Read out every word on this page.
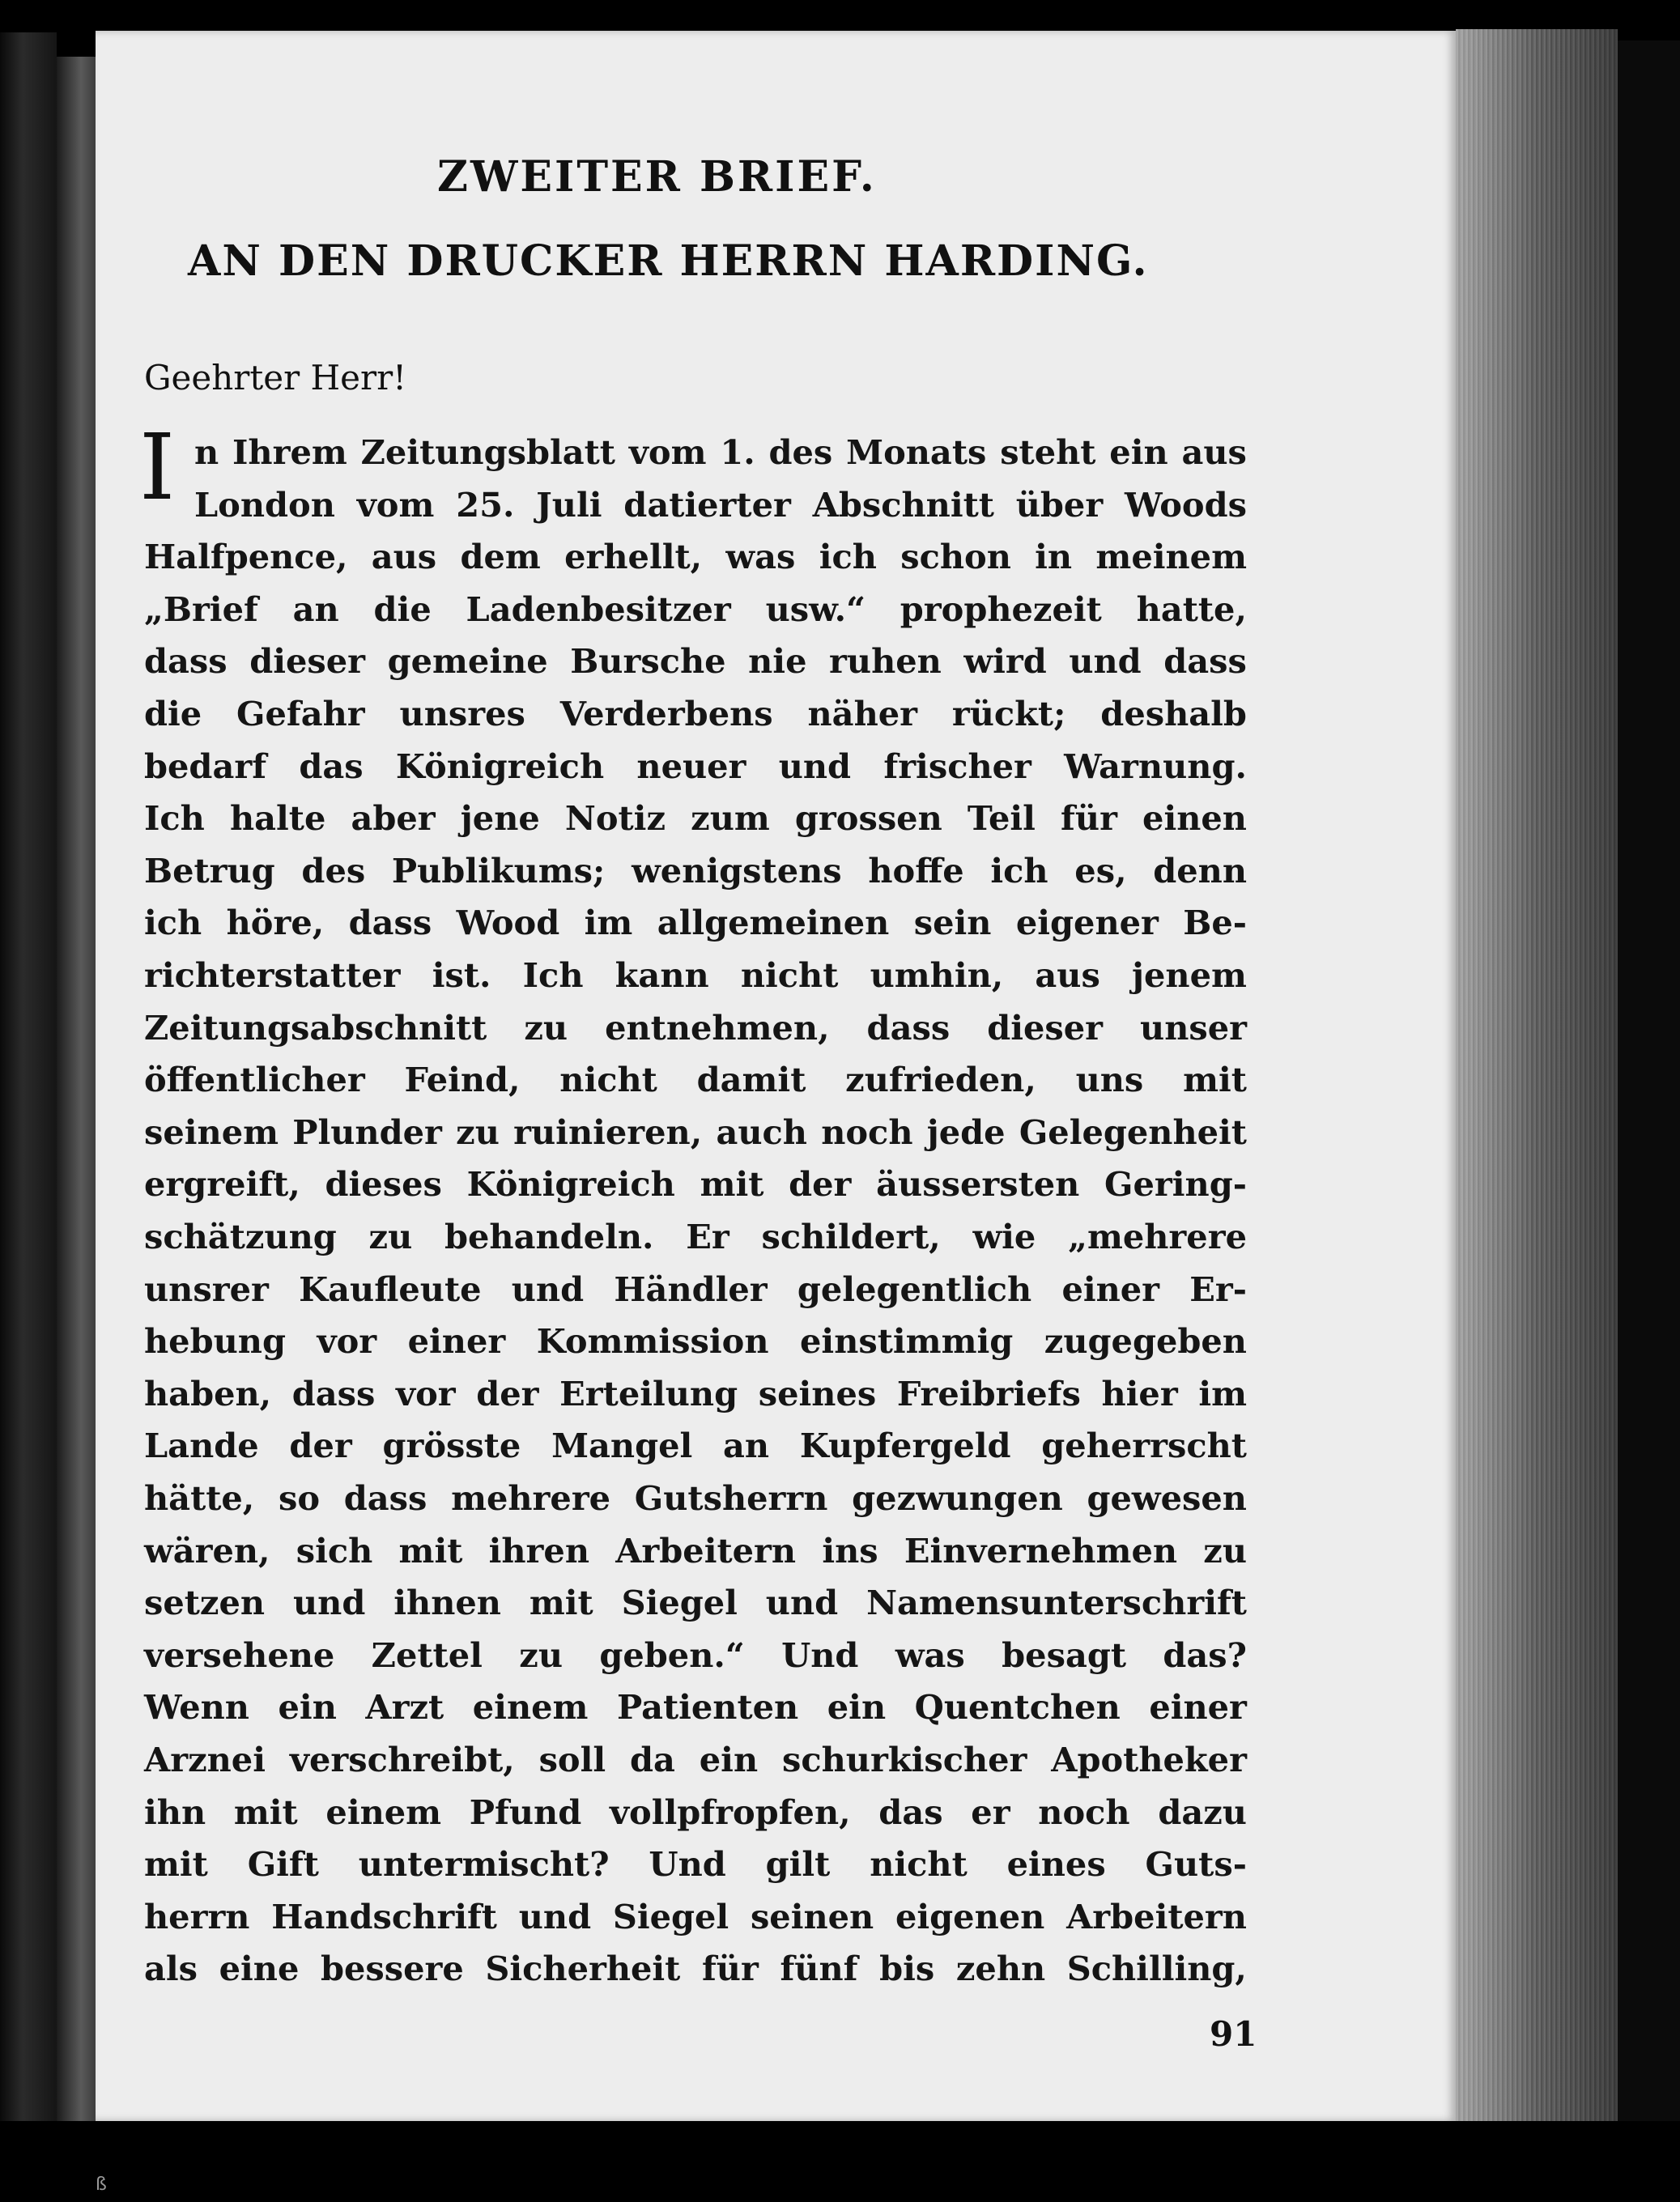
ZWEITER BRIEF.
AN DEN DRUCKER HERRN HARDING.
Geehrter Herr!
I n Ihrem Zeitungsblatt vom 1. des Monats steht ein aus
London vom 25. Juli datierter Abschnitt über Woods
Halfpence, aus dem erhellt, was ich schon in meinem
„Brief an die Ladenbesitzer usw.“ prophezeit hatte,
dass dieser gemeine Bursche nie ruhen wird und dass
die Gefahr unsres Verderbens näher rückt; deshalb
bedarf das Königreich neuer und frischer Warnung.
Ich halte aber jene Notiz zum grossen Teil für einen
Betrug des Publikums; wenigstens hoffe ich es, denn
ich höre, dass Wood im allgemeinen sein eigener Be-
richterstatter ist. Ich kann nicht umhin, aus jenem
Zeitungsabschnitt zu entnehmen, dass dieser unser
öffentlicher Feind, nicht damit zufrieden, uns mit
seinem Plunder zu ruinieren, auch noch jede Gelegenheit
ergreift, dieses Königreich mit der äussersten Gering-
schätzung zu behandeln. Er schildert, wie „mehrere
unsrer Kaufleute und Händler gelegentlich einer Er-
hebung vor einer Kommission einstimmig zugegeben
haben, dass vor der Erteilung seines Freibriefs hier im
Lande der grösste Mangel an Kupfergeld geherrscht
hätte, so dass mehrere Gutsherrn gezwungen gewesen
wären, sich mit ihren Arbeitern ins Einvernehmen zu
setzen und ihnen mit Siegel und Namensunterschrift
versehene Zettel zu geben.“ Und was besagt das?
Wenn ein Arzt einem Patienten ein Quentchen einer
Arznei verschreibt, soll da ein schurkischer Apotheker
ihn mit einem Pfund vollpfropfen, das er noch dazu
mit Gift untermischt? Und gilt nicht eines Guts-
herrn Handschrift und Siegel seinen eigenen Arbeitern
als eine bessere Sicherheit für fünf bis zehn Schilling,
91
ß
